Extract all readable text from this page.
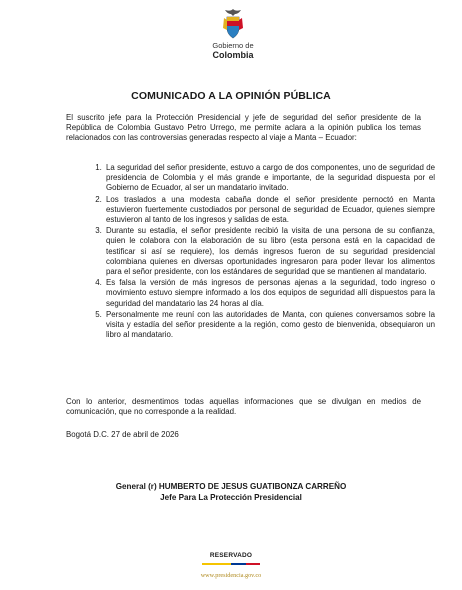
Gobierno de
Colombia
COMUNICADO A LA OPINIÓN PÚBLICA
El suscrito jefe para la Protección Presidencial y jefe de seguridad del señor presidente de la República de Colombia Gustavo Petro Urrego, me permite aclara a la opinión publica los temas relacionados con las controversias generadas respecto al viaje a Manta – Ecuador:
1. La seguridad del señor presidente, estuvo a cargo de dos componentes, uno de seguridad de presidencia de Colombia y el más grande e importante, de la seguridad dispuesta por el Gobierno de Ecuador, al ser un mandatario invitado.
2. Los traslados a una modesta cabaña donde el señor presidente pernoctó en Manta estuvieron fuertemente custodiados por personal de seguridad de Ecuador, quienes siempre estuvieron al tanto de los ingresos y salidas de esta.
3. Durante su estadía, el señor presidente recibió la visita de una persona de su confianza, quien le colabora con la elaboración de su libro (esta persona está en la capacidad de testificar si así se requiere), los demás ingresos fueron de su seguridad presidencial colombiana quienes en diversas oportunidades ingresaron para poder llevar los alimentos para el señor presidente, con los estándares de seguridad que se mantienen al mandatario.
4. Es falsa la versión de más ingresos de personas ajenas a la seguridad, todo ingreso o movimiento estuvo siempre informado a los dos equipos de seguridad allí dispuestos para la seguridad del mandatario las 24 horas al día.
5. Personalmente me reuní con las autoridades de Manta, con quienes conversamos sobre la visita y estadía del señor presidente a la región, como gesto de bienvenida, obsequiaron un libro al mandatario.
Con lo anterior, desmentimos todas aquellas informaciones que se divulgan en medios de comunicación, que no corresponde a la realidad.
Bogotá D.C. 27 de abril de 2026
General (r) HUMBERTO DE JESUS GUATIBONZA CARREÑO
Jefe Para La Protección Presidencial
RESERVADO
www.presidencia.gov.co
